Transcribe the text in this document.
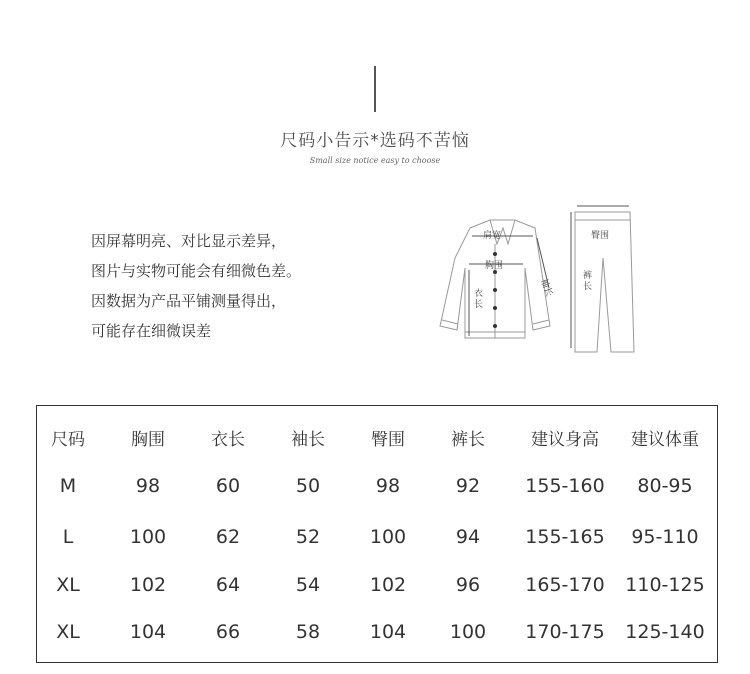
尺码小告示*选码不苦恼
Small size notice easy to choose
因屏幕明亮、对比显示差异，
图片与实物可能会有细微色差。
因数据为产品平铺测量得出，
可能存在细微误差
肩宽
胸围
衣长
袖长
臀围
裤长
尺码	胸围	衣长	袖长	臀围	裤长	建议身高	建议体重
M	98	60	50	98	92	155-160	80-95
L	100	62	52	100	94	155-165	95-110
XL	102	64	54	102	96	165-170	110-125
XL	104	66	58	104	100	170-175	125-140
